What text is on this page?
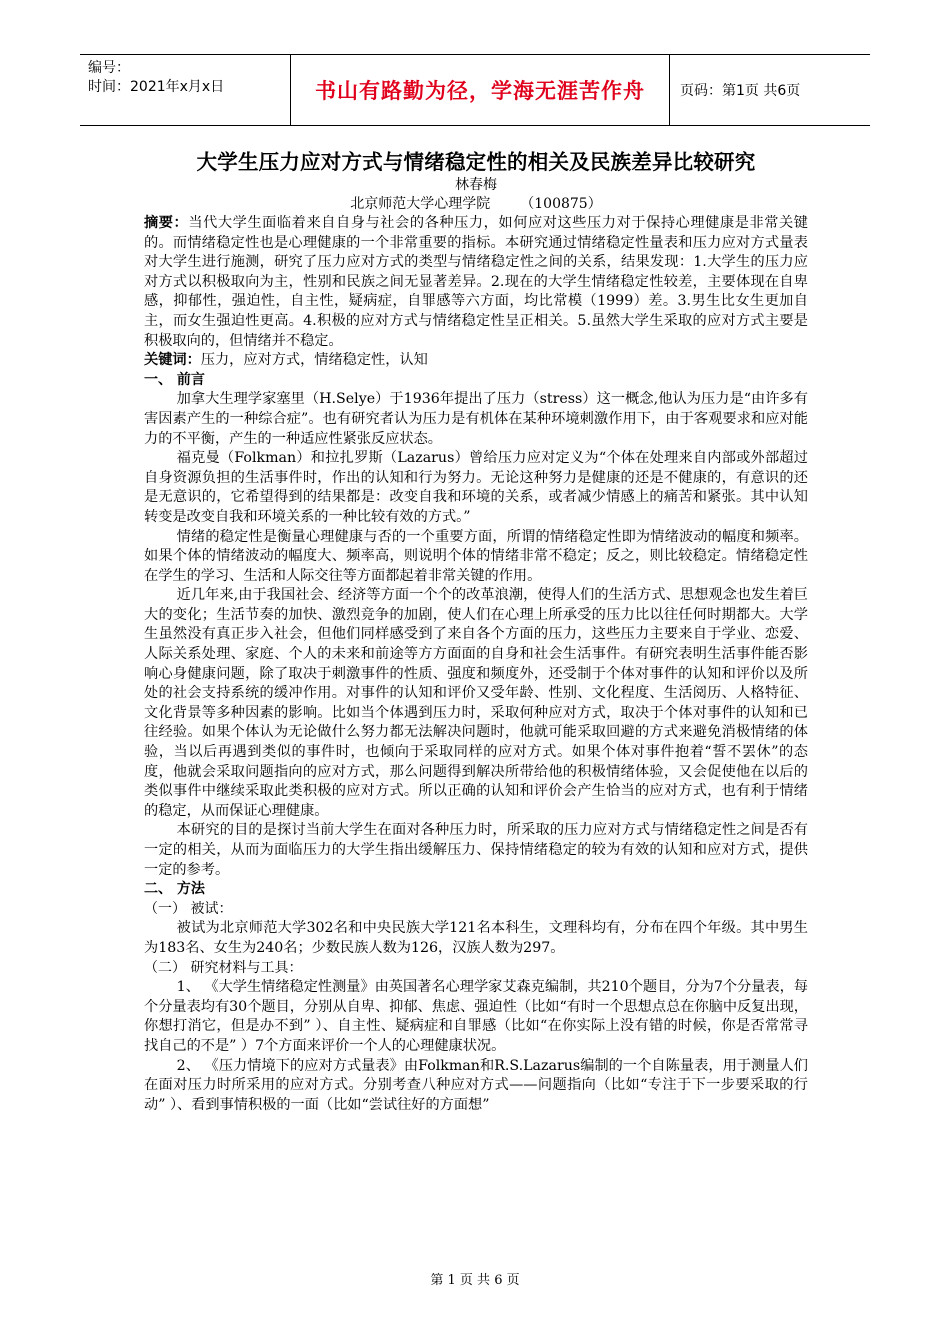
编号：
时间：2021年x月x日	书山有路勤为径，学海无涯苦作舟	页码：第1页 共6页
大学生压力应对方式与情绪稳定性的相关及民族差异比较研究
林春梅
北京师范大学心理学院 （100875）

摘要：当代大学生面临着来自自身与社会的各种压力，如何应对这些压力对于保持心理健康是非常关键的。而情绪稳定性也是心理健康的一个非常重要的指标。本研究通过情绪稳定性量表和压力应对方式量表对大学生进行施测，研究了压力应对方式的类型与情绪稳定性之间的关系，结果发现：1.大学生的压力应对方式以积极取向为主，性别和民族之间无显著差异。2.现在的大学生情绪稳定性较差，主要体现在自卑感，抑郁性，强迫性，自主性，疑病症，自罪感等六方面，均比常模（1999）差。3.男生比女生更加自主，而女生强迫性更高。4.积极的应对方式与情绪稳定性呈正相关。5.虽然大学生采取的应对方式主要是积极取向的，但情绪并不稳定。

关键词：压力，应对方式，情绪稳定性，认知

一、 前言

加拿大生理学家塞里（H.Selye）于1936年提出了压力（stress）这一概念,他认为压力是“由许多有害因素产生的一种综合症”。也有研究者认为压力是有机体在某种环境刺激作用下，由于客观要求和应对能力的不平衡，产生的一种适应性紧张反应状态。

福克曼（Folkman）和拉扎罗斯（Lazarus）曾给压力应对定义为“个体在处理来自内部或外部超过自身资源负担的生活事件时，作出的认知和行为努力。无论这种努力是健康的还是不健康的，有意识的还是无意识的，它希望得到的结果都是：改变自我和环境的关系，或者减少情感上的痛苦和紧张。其中认知转变是改变自我和环境关系的一种比较有效的方式。”

情绪的稳定性是衡量心理健康与否的一个重要方面，所谓的情绪稳定性即为情绪波动的幅度和频率。如果个体的情绪波动的幅度大、频率高，则说明个体的情绪非常不稳定；反之，则比较稳定。情绪稳定性在学生的学习、生活和人际交往等方面都起着非常关键的作用。

近几年来,由于我国社会、经济等方面一个个的改革浪潮，使得人们的生活方式、思想观念也发生着巨大的变化；生活节奏的加快、激烈竞争的加剧，使人们在心理上所承受的压力比以往任何时期都大。大学生虽然没有真正步入社会，但他们同样感受到了来自各个方面的压力，这些压力主要来自于学业、恋爱、人际关系处理、家庭、个人的未来和前途等方方面面的自身和社会生活事件。有研究表明生活事件能否影响心身健康问题，除了取决于刺激事件的性质、强度和频度外，还受制于个体对事件的认知和评价以及所处的社会支持系统的缓冲作用。对事件的认知和评价又受年龄、性别、文化程度、生活阅历、人格特征、文化背景等多种因素的影响。比如当个体遇到压力时，采取何种应对方式，取决于个体对事件的认知和已往经验。如果个体认为无论做什么努力都无法解决问题时，他就可能采取回避的方式来避免消极情绪的体验，当以后再遇到类似的事件时，也倾向于采取同样的应对方式。如果个体对事件抱着“誓不罢休”的态度，他就会采取问题指向的应对方式，那么问题得到解决所带给他的积极情绪体验，又会促使他在以后的类似事件中继续采取此类积极的应对方式。所以正确的认知和评价会产生恰当的应对方式，也有利于情绪的稳定，从而保证心理健康。

本研究的目的是探讨当前大学生在面对各种压力时，所采取的压力应对方式与情绪稳定性之间是否有一定的相关，从而为面临压力的大学生指出缓解压力、保持情绪稳定的较为有效的认知和应对方式，提供一定的参考。

二、 方法
（一） 被试：

被试为北京师范大学302名和中央民族大学121名本科生，文理科均有，分布在四个年级。其中男生为183名、女生为240名；少数民族人数为126，汉族人数为297。

（二） 研究材料与工具：

1、 《大学生情绪稳定性测量》由英国著名心理学家艾森克编制，共210个题目，分为7个分量表，每个分量表均有30个题目，分别从自卑、抑郁、焦虑、强迫性（比如“有时一个思想点总在你脑中反复出现，你想打消它，但是办不到” ）、自主性、疑病症和自罪感（比如“在你实际上没有错的时候，你是否常常寻找自己的不是” ）7个方面来评价一个人的心理健康状况。

2、 《压力情境下的应对方式量表》由Folkman和R.S.Lazarus编制的一个自陈量表，用于测量人们在面对压力时所采用的应对方式。分别考查八种应对方式——问题指向（比如“专注于下一步要采取的行动” ）、看到事情积极的一面（比如“尝试往好的方面想”

第 1 页 共 6 页
